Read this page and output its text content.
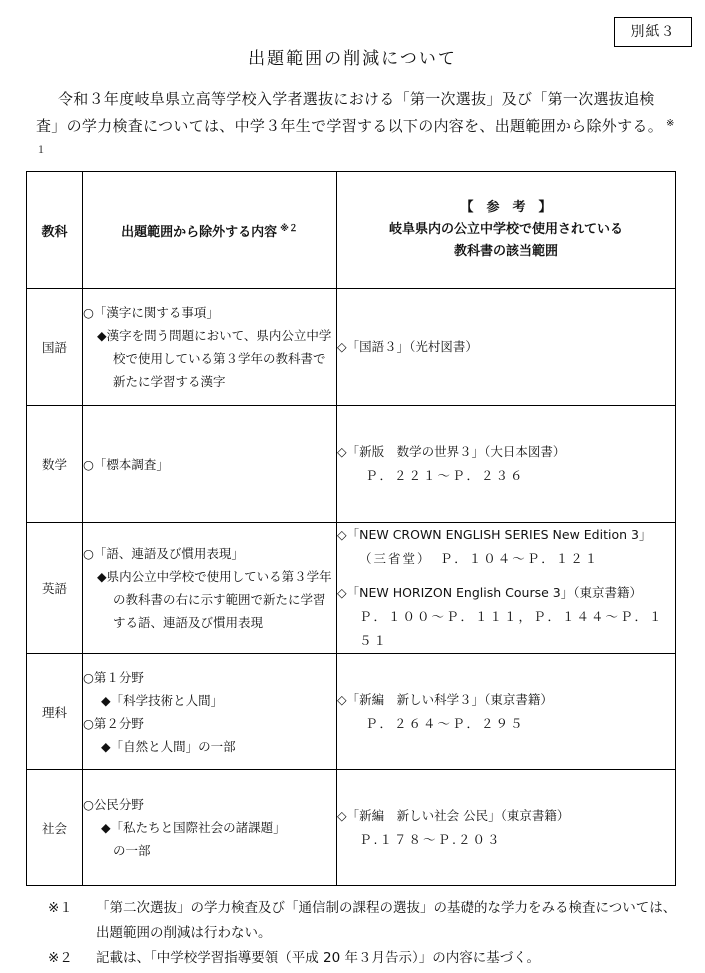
別紙３
出題範囲の削減について

令和３年度岐阜県立高等学校入学者選抜における「第一次選抜」及び「第一次選抜追検査」の学力検査については、中学３年生で学習する以下の内容を、出題範囲から除外する。 $^{※1}$

教科	出題範囲から除外する内容 $^{※2}$	【　参　考　】
岐阜県内の公立中学校で使用されている
教科書の該当範囲

国語	○「漢字に関する事項」
◆漢字を問う問題において、県内公立中学校で使用している第３学年の教科書で新たに学習する漢字	◇「国語３」（光村図書）

数学	○「標本調査」	◇「新版　数学の世界３」（大日本図書）
Ｐ．２２１～Ｐ．２３６

英語	○「語、連語及び慣用表現」
◆県内公立中学校で使用している第３学年の教科書の右に示す範囲で新たに学習する語、連語及び慣用表現	◇「NEW CROWN ENGLISH SERIES New Edition 3」
（三省堂）　Ｐ．１０４～Ｐ．１２１
◇「NEW HORIZON English Course 3」（東京書籍）
Ｐ．１００～Ｐ．１１１，Ｐ．１４４～Ｐ．１５１

理科	○第１分野
◆「科学技術と人間」
○第２分野
◆「自然と人間」の一部	◇「新編　新しい科学３」（東京書籍）
Ｐ．２６４～Ｐ．２９５

社会	○公民分野
◆「私たちと国際社会の諸課題」
の一部	◇「新編　新しい社会 公民」（東京書籍）
Ｐ.１７８～Ｐ.２０３
※１ 「第二次選抜」の学力検査及び「通信制の課程の選抜」の基礎的な学力をみる検査については、出題範囲の削減は行わない。
※２ 記載は、「中学校学習指導要領（平成 20 年３月告示）」の内容に基づく。
